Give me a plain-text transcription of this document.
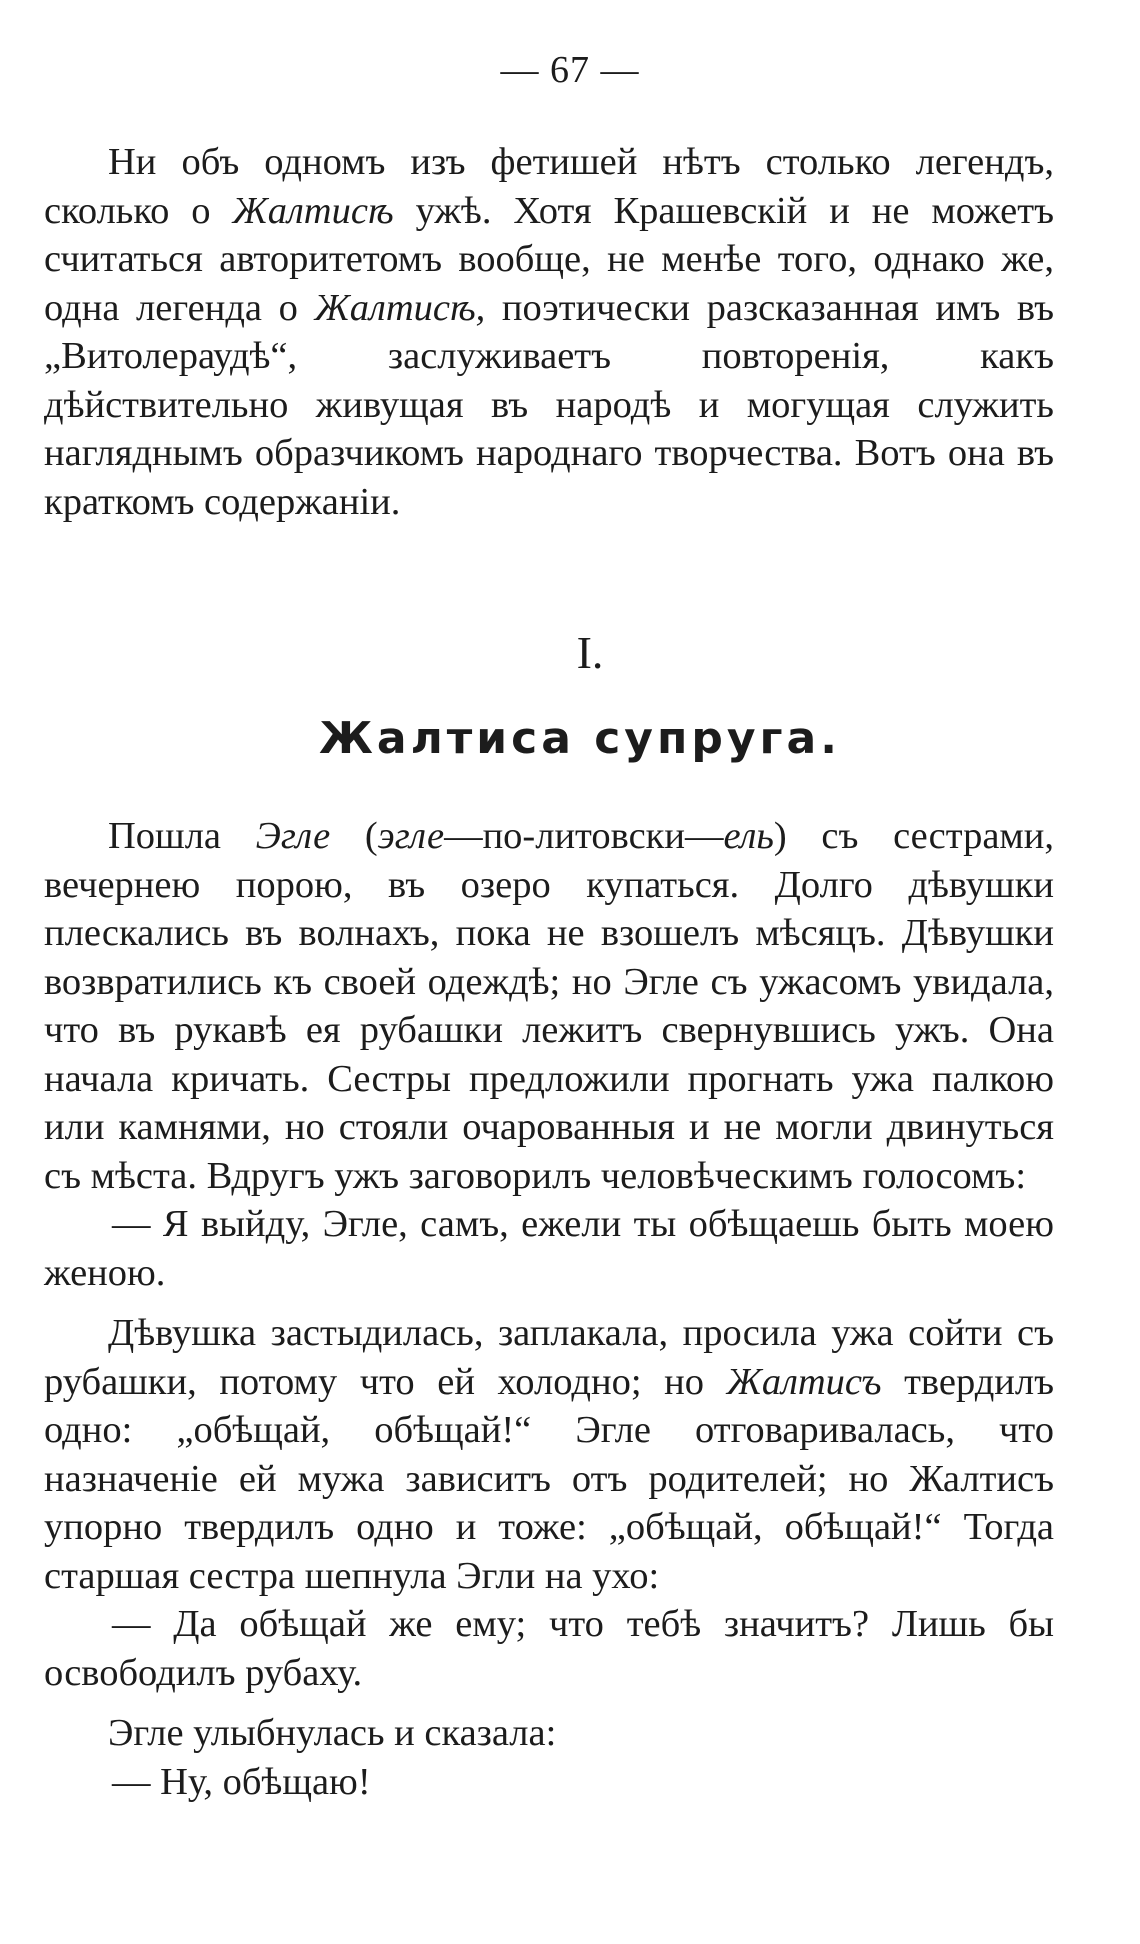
— 67 —

Ни объ одномъ изъ фетишей нѣтъ столько легендъ, сколько о Жалтисѣ ужѣ. Хотя Крашевскій и не можетъ считаться авторитетомъ вообще, не менѣе того, однако же, одна легенда о Жалтисѣ, поэтически разсказанная имъ въ „Витолераудѣ“, заслуживаетъ повторенія, какъ дѣйствительно живущая въ народѣ и могущая служить нагляднымъ образчикомъ народнаго творчества. Вотъ она въ краткомъ содержаніи.

I.
Жалтиса супруга.

Пошла Эгле (эгле—по-литовски—ель) съ сестрами, вечернею порою, въ озеро купаться. Долго дѣвушки плескались въ волнахъ, пока не взошелъ мѣсяцъ. Дѣвушки возвратились къ своей одеждѣ; но Эгле съ ужасомъ увидала, что въ рукавѣ ея рубашки лежитъ свернувшись ужъ. Она начала кричать. Сестры предложили прогнать ужа палкою или камнями, но стояли очарованныя и не могли двинуться съ мѣста. Вдругъ ужъ заговорилъ человѣческимъ голосомъ:

— Я выйду, Эгле, самъ, ежели ты обѣщаешь быть моею женою.

Дѣвушка застыдилась, заплакала, просила ужа сойти съ рубашки, потому что ей холодно; но Жалтисъ твердилъ одно: „обѣщай, обѣщай!“ Эгле отговаривалась, что назначеніе ей мужа зависитъ отъ родителей; но Жалтисъ упорно твердилъ одно и тоже: „обѣщай, обѣщай!“ Тогда старшая сестра шепнула Эгли на ухо:

— Да обѣщай же ему; что тебѣ значитъ? Лишь бы освободилъ рубаху.

Эгле улыбнулась и сказала:

— Ну, обѣщаю!
